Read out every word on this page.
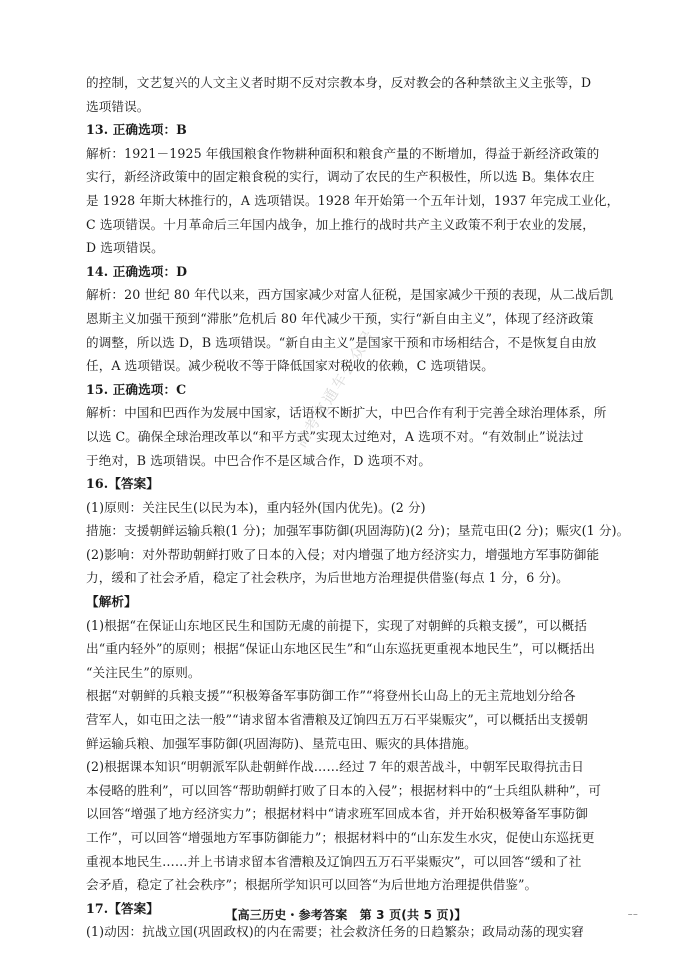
的控制，文艺复兴的人文主义者时期不反对宗教本身，反对教会的各种禁欲主义主张等，D

选项错误。

13. 正确选项：B

解析：1921－1925 年俄国粮食作物耕种面积和粮食产量的不断增加，得益于新经济政策的

实行，新经济政策中的固定粮食税的实行，调动了农民的生产积极性，所以选 B。集体农庄

是 1928 年斯大林推行的，A 选项错误。1928 年开始第一个五年计划，1937 年完成工业化，

C 选项错误。十月革命后三年国内战争，加上推行的战时共产主义政策不利于农业的发展，

D 选项错误。

14. 正确选项：D

解析：20 世纪 80 年代以来，西方国家减少对富人征税，是国家减少干预的表现，从二战后凯

恩斯主义加强干预到“滞胀”危机后 80 年代减少干预，实行“新自由主义”，体现了经济政策

的调整，所以选 D，B 选项错误。“新自由主义”是国家干预和市场相结合，不是恢复自由放

任，A 选项错误。减少税收不等于降低国家对税收的依赖，C 选项错误。

15. 正确选项：C

解析：中国和巴西作为发展中国家，话语权不断扩大，中巴合作有利于完善全球治理体系，所

以选 C。确保全球治理改革以“和平方式”实现太过绝对，A 选项不对。“有效制止”说法过

于绝对，B 选项错误。中巴合作不是区域合作，D 选项不对。

16.【答案】

(1)原则：关注民生(以民为本)，重内轻外(国内优先)。(2 分)

措施：支援朝鲜运输兵粮(1 分)；加强军事防御(巩固海防)(2 分)；垦荒屯田(2 分)；赈灾(1 分)。

(2)影响：对外帮助朝鲜打败了日本的入侵；对内增强了地方经济实力，增强地方军事防御能

力，缓和了社会矛盾，稳定了社会秩序，为后世地方治理提供借鉴(每点 1 分，6 分)。

【解析】

(1)根据“在保证山东地区民生和国防无虞的前提下，实现了对朝鲜的兵粮支援”，可以概括

出“重内轻外”的原则；根据“保证山东地区民生”和“山东巡抚更重视本地民生”，可以概括出

“关注民生”的原则。

根据“对朝鲜的兵粮支援”“积极筹备军事防御工作”“将登州长山岛上的无主荒地划分给各

营军人，如屯田之法一般”“请求留本省漕粮及辽饷四五万石平粜赈灾”，可以概括出支援朝

鲜运输兵粮、加强军事防御(巩固海防)、垦荒屯田、赈灾的具体措施。

(2)根据课本知识“明朝派军队赴朝鲜作战……经过 7 年的艰苦战斗，中朝军民取得抗击日

本侵略的胜利”，可以回答“帮助朝鲜打败了日本的入侵”；根据材料中的“士兵组队耕种”，可

以回答“增强了地方经济实力”；根据材料中“请求班军回成本省，并开始积极筹备军事防御

工作”，可以回答“增强地方军事防御能力”；根据材料中的“山东发生水灾，促使山东巡抚更

重视本地民生……并上书请求留本省漕粮及辽饷四五万石平粜赈灾”，可以回答“缓和了社

会矛盾，稳定了社会秩序”；根据所学知识可以回答“为后世地方治理提供借鉴”。

17.【答案】

(1)动因：抗战立国(巩固政权)的内在需要；社会救济任务的日趋繁杂；政局动荡的现实窘

高考直通车公众号
【高三历史・参考答案　第 3 页(共 5 页)】	⁻⁻
